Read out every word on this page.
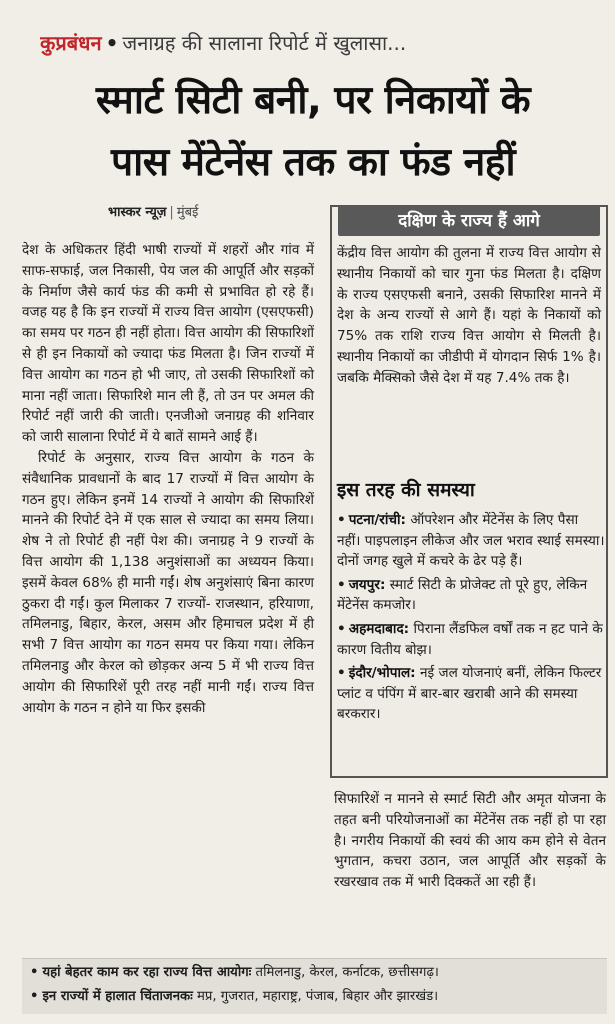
कुप्रबंधन • जनाग्रह की सालाना रिपोर्ट में खुलासा...
स्मार्ट सिटी बनी, पर निकायों के
पास मेंटेनेंस तक का फंड नहीं
भास्कर न्यूज़ | मुंबई

देश के अधिकतर हिंदी भाषी राज्यों में शहरों और गांव में साफ-सफाई, जल निकासी, पेय जल की आपूर्ति और सड़कों के निर्माण जैसे कार्य फंड की कमी से प्रभावित हो रहे हैं। वजह यह है कि इन राज्यों में राज्य वित्त आयोग (एसएफसी) का समय पर गठन ही नहीं होता। वित्त आयोग की सिफारिशों से ही इन निकायों को ज्यादा फंड मिलता है। जिन राज्यों में वित्त आयोग का गठन हो भी जाए, तो उसकी सिफारिशों को माना नहीं जाता। सिफारिशे मान ली हैं, तो उन पर अमल की रिपोर्ट नहीं जारी की जाती। एनजीओ जनाग्रह की शनिवार को जारी सालाना रिपोर्ट में ये बातें सामने आई हैं।

रिपोर्ट के अनुसार, राज्य वित्त आयोग के गठन के संवैधानिक प्रावधानों के बाद 17 राज्यों में वित्त आयोग के गठन हुए। लेकिन इनमें 14 राज्यों ने आयोग की सिफारिशें मानने की रिपोर्ट देने में एक साल से ज्यादा का समय लिया। शेष ने तो रिपोर्ट ही नहीं पेश की। जनाग्रह ने 9 राज्यों के वित्त आयोग की 1,138 अनुशंसाओं का अध्ययन किया। इसमें केवल 68% ही मानी गईं। शेष अनुशंसाएं बिना कारण ठुकरा दी गईं। कुल मिलाकर 7 राज्यों- राजस्थान, हरियाणा, तमिलनाडु, बिहार, केरल, असम और हिमाचल प्रदेश में ही सभी 7 वित्त आयोग का गठन समय पर किया गया। लेकिन तमिलनाडु और केरल को छोड़कर अन्य 5 में भी राज्य वित्त आयोग की सिफारिशें पूरी तरह नहीं मानी गईं। राज्य वित्त आयोग के गठन न होने या फिर इसकी

दक्षिण के राज्य हैं आगे
केंद्रीय वित्त आयोग की तुलना में राज्य वित्त आयोग से स्थानीय निकायों को चार गुना फंड मिलता है। दक्षिण के राज्य एसएफसी बनाने, उसकी सिफारिश मानने में देश के अन्य राज्यों से आगे हैं। यहां के निकायों को 75% तक राशि राज्य वित्त आयोग से मिलती है। स्थानीय निकायों का जीडीपी में योगदान सिर्फ 1% है। जबकि मैक्सिको जैसे देश में यह 7.4% तक है।
इस तरह की समस्या
• पटना/रांची: ऑपरेशन और मेंटेनेंस के लिए पैसा नहीं। पाइपलाइन लीकेज और जल भराव स्थाई समस्या। दोनों जगह खुले में कचरे के ढेर पड़े हैं।
• जयपुर: स्मार्ट सिटी के प्रोजेक्ट तो पूरे हुए, लेकिन मेंटेनेंस कमजोर।
• अहमदाबाद: पिराना लैंडफिल वर्षों तक न हट पाने के कारण वितीय बोझ।
• इंदौर/भोपाल: नई जल योजनाएं बनीं, लेकिन फिल्टर प्लांट व पंपिंग में बार-बार खराबी आने की समस्या बरकरार।
सिफारिशें न मानने से स्मार्ट सिटी और अमृत योजना के तहत बनी परियोजनाओं का मेंटेनेंस तक नहीं हो पा रहा है। नगरीय निकायों की स्वयं की आय कम होने से वेतन भुगतान, कचरा उठान, जल आपूर्ति और सड़कों के रखरखाव तक में भारी दिक्कतें आ रही हैं।
• यहां बेहतर काम कर रहा राज्य वित्त आयोगः तमिलनाडु, केरल, कर्नाटक, छत्तीसगढ़।
• इन राज्यों में हालात चिंताजनकः मप्र, गुजरात, महाराष्ट्र, पंजाब, बिहार और झारखंड।
